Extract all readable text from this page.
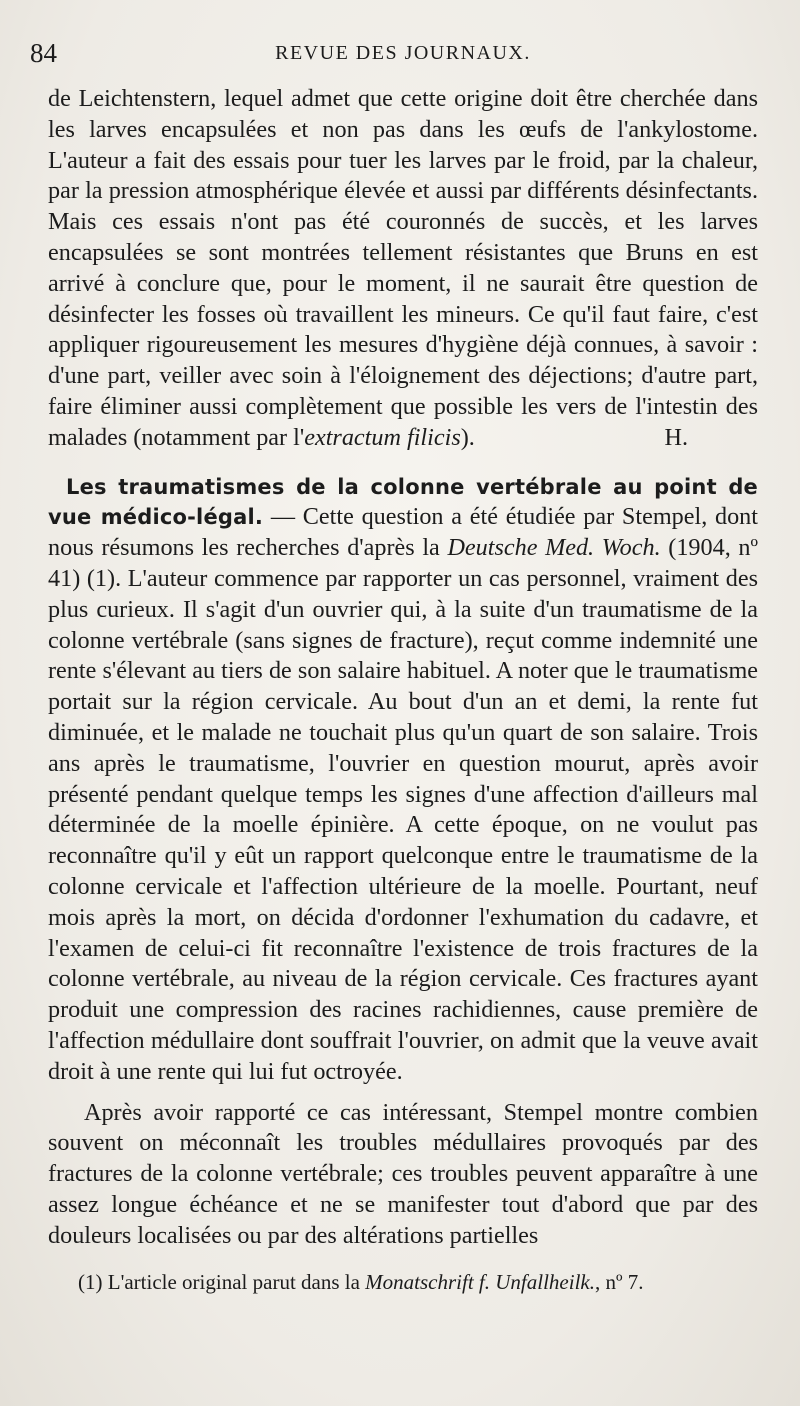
84	REVUE DES JOURNAUX.

de Leichtenstern, lequel admet que cette origine doit être cherchée dans les larves encapsulées et non pas dans les œufs de l'ankylostome. L'auteur a fait des essais pour tuer les larves par le froid, par la chaleur, par la pression atmosphérique élevée et aussi par différents désinfectants. Mais ces essais n'ont pas été couronnés de succès, et les larves encapsulées se sont montrées tellement résistantes que Bruns en est arrivé à conclure que, pour le moment, il ne saurait être question de désinfecter les fosses où travaillent les mineurs. Ce qu'il faut faire, c'est appliquer rigoureusement les mesures d'hygiène déjà connues, à savoir : d'une part, veiller avec soin à l'éloignement des déjections; d'autre part, faire éliminer aussi complètement que possible les vers de l'intestin des malades (notamment par l'extractum filicis).	H.

Les traumatismes de la colonne vertébrale au point de vue médico-légal. — Cette question a été étudiée par Stempel, dont nous résumons les recherches d'après la Deutsche Med. Woch. (1904, nº 41) (1). L'auteur commence par rapporter un cas personnel, vraiment des plus curieux. Il s'agit d'un ouvrier qui, à la suite d'un traumatisme de la colonne vertébrale (sans signes de fracture), reçut comme indemnité une rente s'élevant au tiers de son salaire habituel. A noter que le traumatisme portait sur la région cervicale. Au bout d'un an et demi, la rente fut diminuée, et le malade ne touchait plus qu'un quart de son salaire. Trois ans après le traumatisme, l'ouvrier en question mourut, après avoir présenté pendant quelque temps les signes d'une affection d'ailleurs mal déterminée de la moelle épinière. A cette époque, on ne voulut pas reconnaître qu'il y eût un rapport quelconque entre le traumatisme de la colonne cervicale et l'affection ultérieure de la moelle. Pourtant, neuf mois après la mort, on décida d'ordonner l'exhumation du cadavre, et l'examen de celui-ci fit reconnaître l'existence de trois fractures de la colonne vertébrale, au niveau de la région cervicale. Ces fractures ayant produit une compression des racines rachidiennes, cause première de l'affection médullaire dont souffrait l'ouvrier, on admit que la veuve avait droit à une rente qui lui fut octroyée.

Après avoir rapporté ce cas intéressant, Stempel montre combien souvent on méconnaît les troubles médullaires provoqués par des fractures de la colonne vertébrale; ces troubles peuvent apparaître à une assez longue échéance et ne se manifester tout d'abord que par des douleurs localisées ou par des altérations partielles

(1) L'article original parut dans la Monatschrift f. Unfallheilk., nº 7.
